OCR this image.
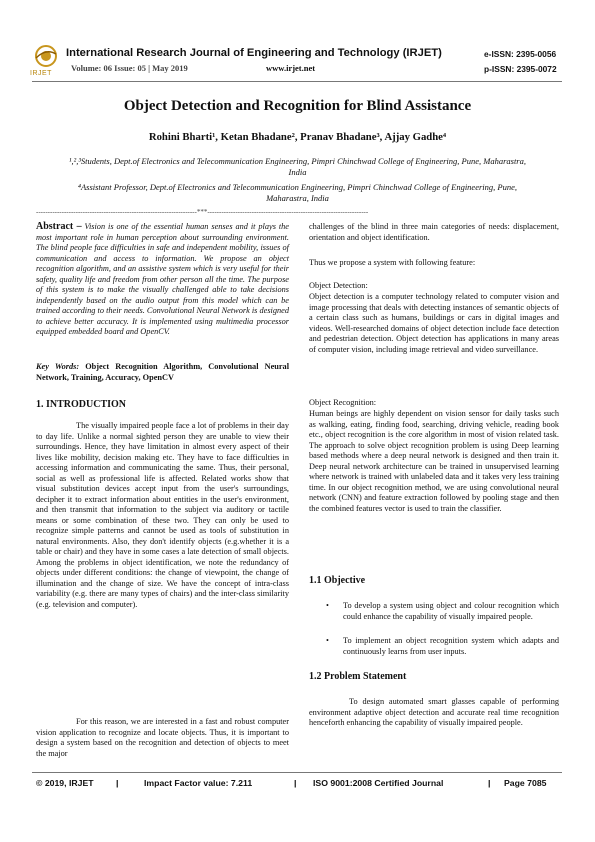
IRJET
International Research Journal of Engineering and Technology (IRJET)
Volume: 06 Issue: 05 | May 2019	www.irjet.net
e-ISSN: 2395-0056
p-ISSN: 2395-0072
Object Detection and Recognition for Blind Assistance
Rohini Bharti¹, Ketan Bhadane², Pranav Bhadane³, Ajjay Gadhe⁴
¹,²,³Students, Dept.of Electronics and Telecommunication Engineering, Pimpri Chinchwad College of Engineering, Pune, Maharastra, India
⁴Assistant Professor, Dept.of Electronics and Telecommunication Engineering, Pimpri Chinchwad College of Engineering, Pune, Maharastra, India
---------------------------------------------------------------------***---------------------------------------------------------------------

Abstract – Vision is one of the essential human senses and it plays the most important role in human perception about surrounding environment. The blind people face difficulties in safe and independent mobility, issues of communication and access to information. We propose an object recognition algorithm, and an assistive system which is very useful for their safety, quality life and freedom from other person all the time. The purpose of this system is to make the visually challenged able to take decisions independently based on the audio output from this model which can be trained according to their needs. Convolutional Neural Network is designed to achieve better accuracy. It is implemented using multimedia processor equipped embedded board and OpenCV.

Key Words: Object Recognition Algorithm, Convolutional Neural Network, Training, Accuracy, OpenCV

1. INTRODUCTION

The visually impaired people face a lot of problems in their day to day life. Unlike a normal sighted person they are unable to view their surroundings. Hence, they have limitation in almost every aspect of their lives like mobility, decision making etc. They have to face difficulties in accessing information and communicating the same. Thus, their personal, social as well as professional life is affected. Related works show that visual substitution devices accept input from the user's surroundings, decipher it to extract information about entities in the user's environment, and then transmit that information to the subject via auditory or tactile means or some combination of these two. They can only be used to recognize simple patterns and cannot be used as tools of substitution in natural environments. Also, they don't identify objects (e.g.whether it is a table or chair) and they have in some cases a late detection of small objects. Among the problems in object identification, we note the redundancy of objects under different conditions: the change of viewpoint, the change of illumination and the change of size. We have the concept of intra-class variability (e.g. there are many types of chairs) and the inter-class similarity (e.g. television and computer).

For this reason, we are interested in a fast and robust computer vision application to recognize and locate objects. Thus, it is important to design a system based on the recognition and detection of objects to meet the major

challenges of the blind in three main categories of needs: displacement, orientation and object identification.
Thus we propose a system with following feature:
Object Detection:
Object detection is a computer technology related to computer vision and image processing that deals with detecting instances of semantic objects of a certain class such as humans, buildings or cars in digital images and videos. Well-researched domains of object detection include face detection and pedestrian detection. Object detection has applications in many areas of computer vision, including image retrieval and video surveillance.
Object Recognition:
Human beings are highly dependent on vision sensor for daily tasks such as walking, eating, finding food, searching, driving vehicle, reading book etc., object recognition is the core algorithm in most of vision related task. The approach to solve object recognition problem is using Deep learning based methods where a deep neural network is designed and then train it. Deep neural network architecture can be trained in unsupervised learning where network is trained with unlabeled data and it takes very less training time. In our object recognition method, we are using convolutional neural network (CNN) and feature extraction followed by pooling stage and then the combined features vector is used to train the classifier.
1.1 Objective
• To develop a system using object and colour recognition which could enhance the capability of visually impaired people.
• To implement an object recognition system which adapts and continuously learns from user inputs.
1.2 Problem Statement

To design automated smart glasses capable of performing environment adaptive object detection and accurate real time recognition henceforth enhancing the capability of visually impaired people.

© 2019, IRJET	|	Impact Factor value: 7.211	| ISO 9001:2008 Certified Journal	| Page 7085
